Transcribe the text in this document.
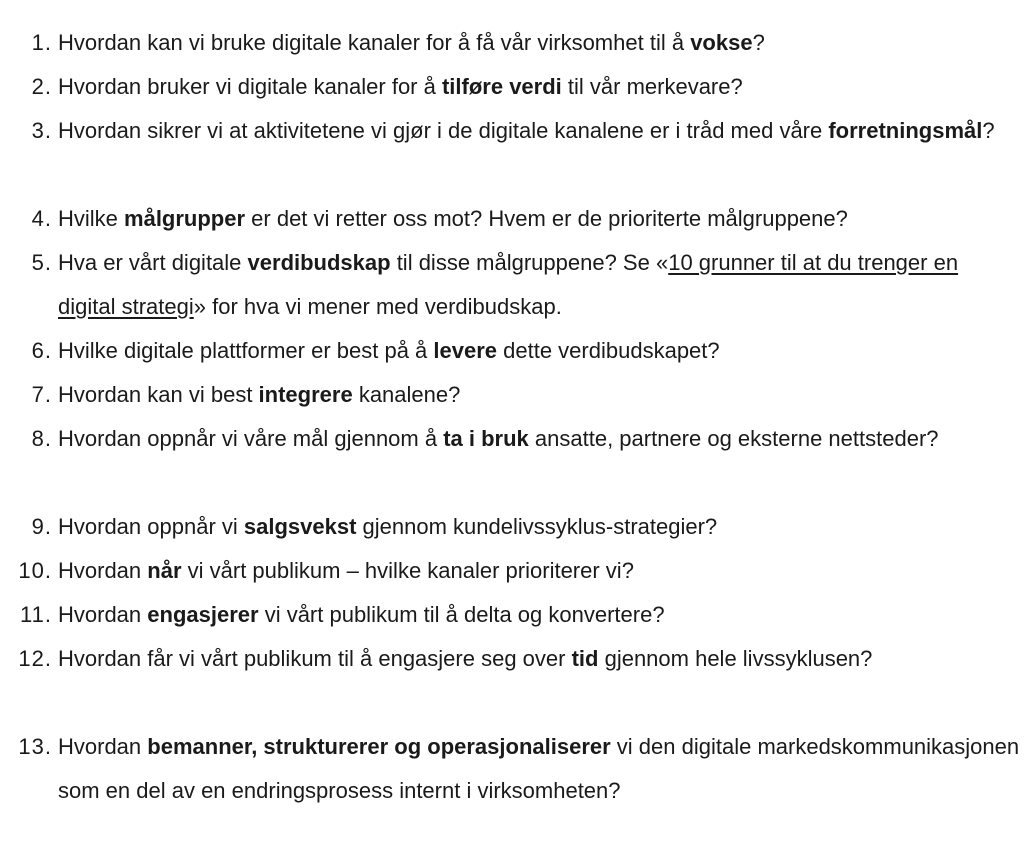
1. Hvordan kan vi bruke digitale kanaler for å få vår virksomhet til å vokse?
2. Hvordan bruker vi digitale kanaler for å tilføre verdi til vår merkevare?
3. Hvordan sikrer vi at aktivitetene vi gjør i de digitale kanalene er i tråd med våre forretningsmål?
4. Hvilke målgrupper er det vi retter oss mot? Hvem er de prioriterte målgruppene?
5. Hva er vårt digitale verdibudskap til disse målgruppene? Se «10 grunner til at du trenger en digital strategi» for hva vi mener med verdibudskap.
6. Hvilke digitale plattformer er best på å levere dette verdibudskapet?
7. Hvordan kan vi best integrere kanalene?
8. Hvordan oppnår vi våre mål gjennom å ta i bruk ansatte, partnere og eksterne nettsteder?
9. Hvordan oppnår vi salgsvekst gjennom kundelivssyklus-strategier?
10. Hvordan når vi vårt publikum – hvilke kanaler prioriterer vi?
11. Hvordan engasjerer vi vårt publikum til å delta og konvertere?
12. Hvordan får vi vårt publikum til å engasjere seg over tid gjennom hele livssyklusen?
13. Hvordan bemanner, strukturerer og operasjonaliserer vi den digitale markedskommunikasjonen som en del av en endringsprosess internt i virksomheten?
